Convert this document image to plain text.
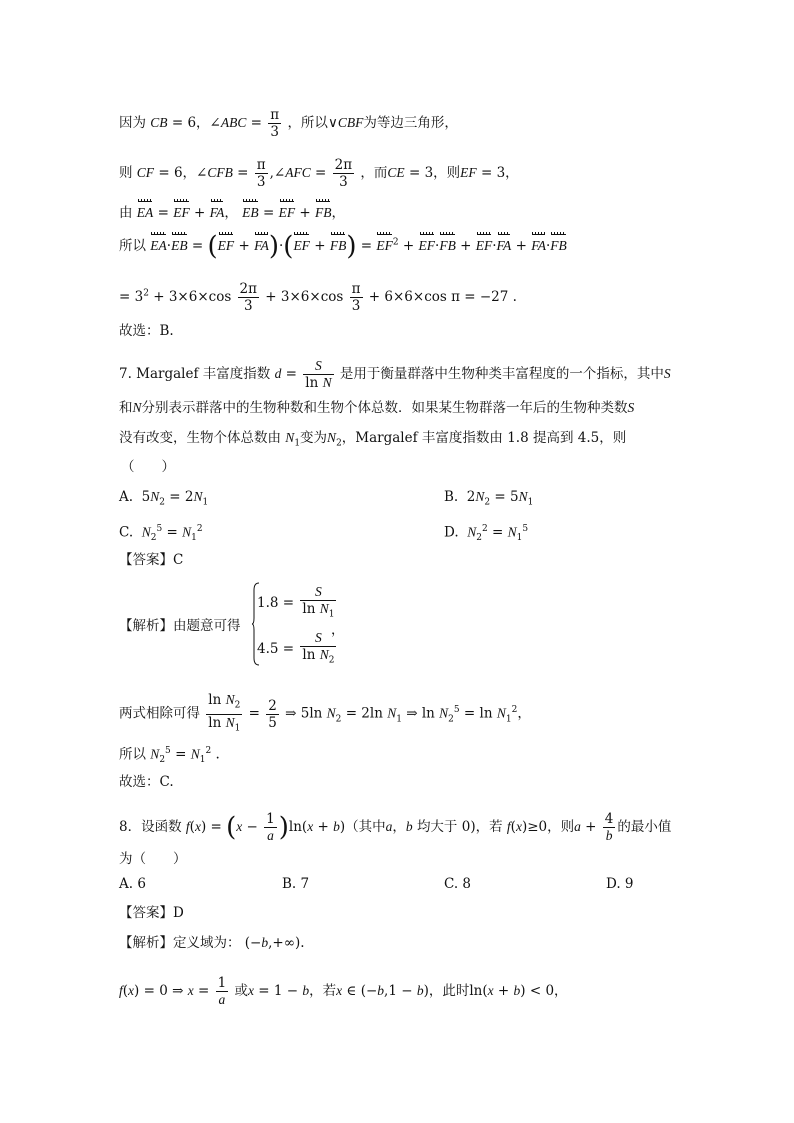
因为 CB = 6，∠ABC = $\frac{\pi}{3}$ ，所以∨CBF为等边三角形，
则 CF = 6，∠CFB = $\frac{\pi}{3}$ ,∠AFC = $\frac{2\pi}{3}$ ，而CE = 3，则EF = 3，
由 EA = EF + FA， EB = EF + FB，
所以 $EA\cdot EB = (EF + FA)\cdot(EF + FB) = EF^2 + EF\cdot FB + EF\cdot FA + FA\cdot FB$
= $3^2 + 3\times 6\times\cos \frac{2\pi}{3} + 3\times 6\times\cos \frac{\pi}{3} + 6\times 6\times\cos$ π = −27 .
故选：B.
7. Margalef 丰富度指数 $d = \frac{S}{\text{ln N}}$ 是用于衡量群落中生物种类丰富程度的一个指标，其中S
和N分别表示群落中的生物种数和生物个体总数．如果某生物群落一年后的生物种类数S
没有改变，生物个体总数由 $N_1$变为$N_2$，Margalef 丰富度指数由 1.8 提高到 4.5，则
（　　）
A.  $5N_2 = 2N_1$	B.  $2N_2 = 5N_1$
C. $N_2^5 = N_1^2$	D. $N_2^2 = N_1^5$
【答案】C
【解析】由题意可得
$1.8 = \frac{S}{\ln N_1}$
$4.5 = \frac{S}{\ln N_2}$
，
两式相除可得 $\frac{\ln N_2}{\ln N_1} = \frac{2}{5}$ ⇒ 5ln $N_2 = 2\ln$ $N_1$ ⇒ $\ln N_2^5 = \ln N_1^2$，
所以 $N_2^5 = N_1^2$ .
故选：C.
8．设函数 $f(x) = (x - \frac{1}{a} )\ln(x + b)$（其中a，b 均大于 0)，若 f(x)≥0，则$a + \frac{4}{b}$ 的最小值
为（　　）
A. 6	B. 7	C. 8	D. 9
【答案】D
【解析】定义域为： (−b,+∞).
f(x) = 0 ⇒ $x = \frac{1}{a}$ 或x = 1 − b，若x ∈ (−b,1 − b)，此时ln(x + b) < 0，
